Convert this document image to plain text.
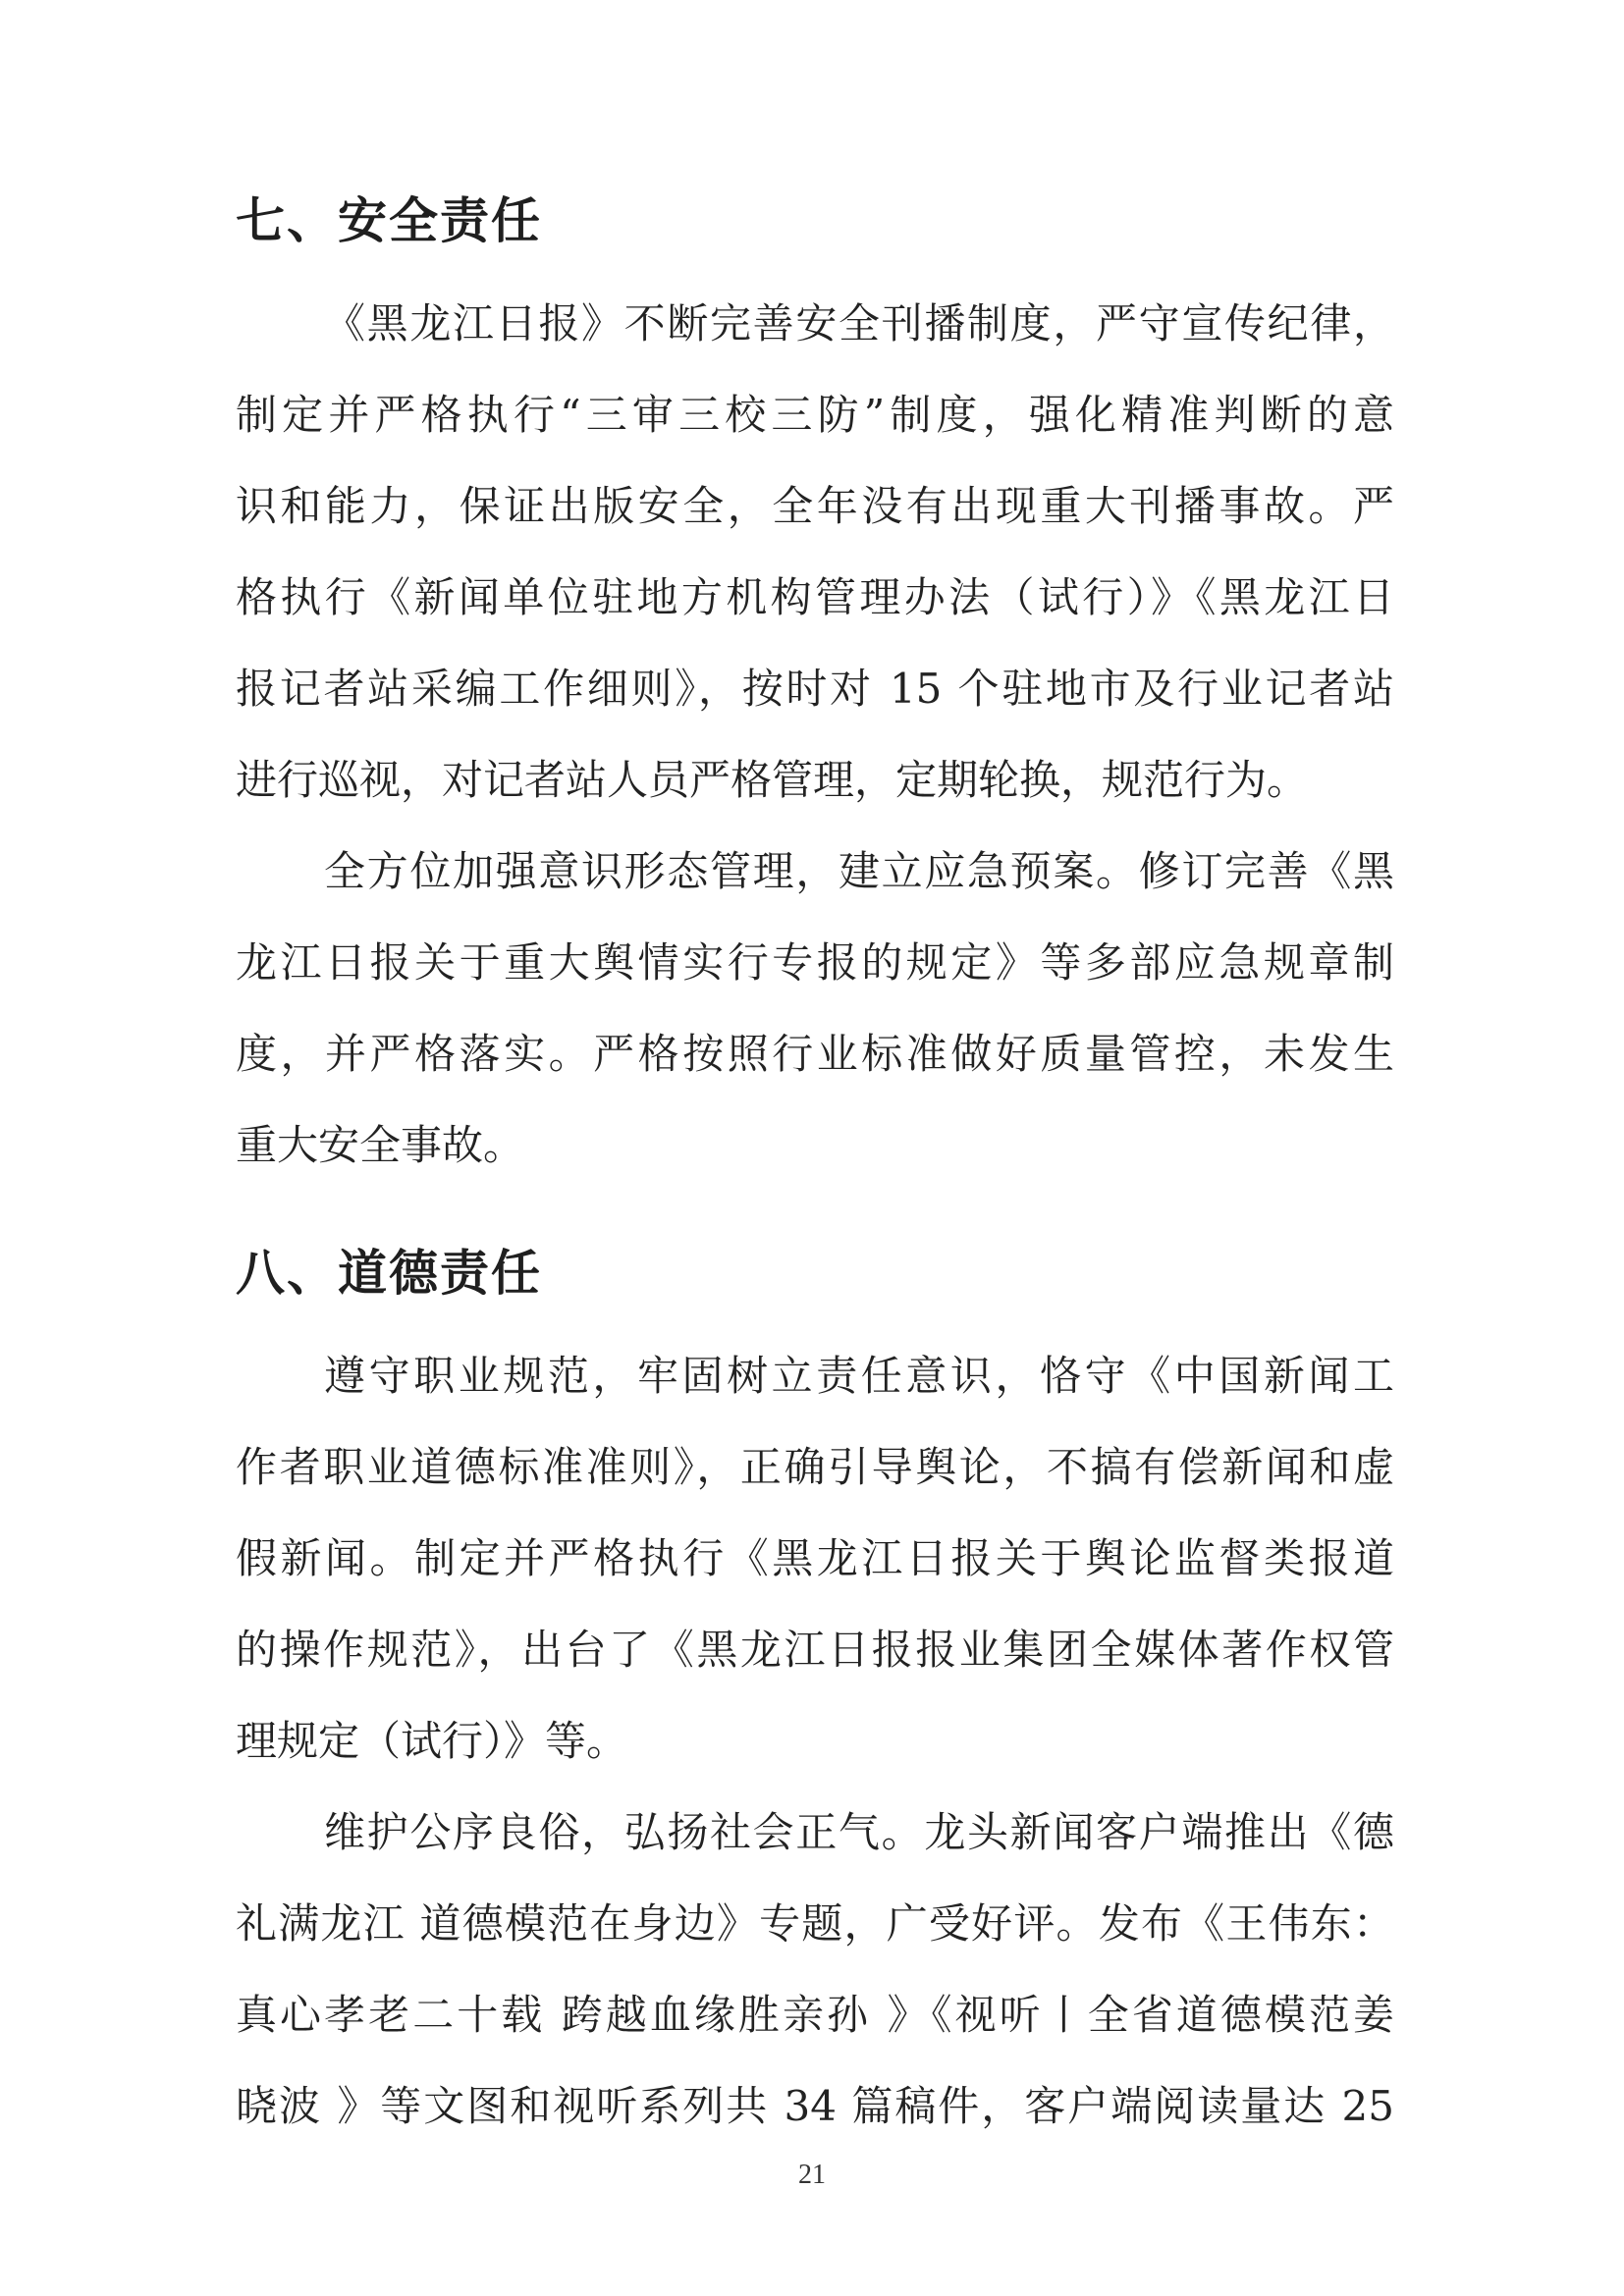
七、安全责任
《黑龙江日报》不断完善安全刊播制度，严守宣传纪律，
制定并严格执行“三审三校三防”制度，强化精准判断的意
识和能力，保证出版安全，全年没有出现重大刊播事故。严
格执行《新闻单位驻地方机构管理办法（试行）》《黑龙江日
报记者站采编工作细则》，按时对 15 个驻地市及行业记者站
进行巡视，对记者站人员严格管理，定期轮换，规范行为。
全方位加强意识形态管理，建立应急预案。修订完善《黑
龙江日报关于重大舆情实行专报的规定》等多部应急规章制
度，并严格落实。严格按照行业标准做好质量管控，未发生
重大安全事故。
八、道德责任
遵守职业规范，牢固树立责任意识，恪守《中国新闻工
作者职业道德标准准则》，正确引导舆论，不搞有偿新闻和虚
假新闻。制定并严格执行《黑龙江日报关于舆论监督类报道
的操作规范》，出台了《黑龙江日报报业集团全媒体著作权管
理规定（试行）》等。
维护公序良俗，弘扬社会正气。龙头新闻客户端推出《德
礼满龙江 道德模范在身边》专题，广受好评。发布《王伟东：
真心孝老二十载 跨越血缘胜亲孙 》《视听丨全省道德模范姜
晓波 》等文图和视听系列共 34 篇稿件，客户端阅读量达 25
21
